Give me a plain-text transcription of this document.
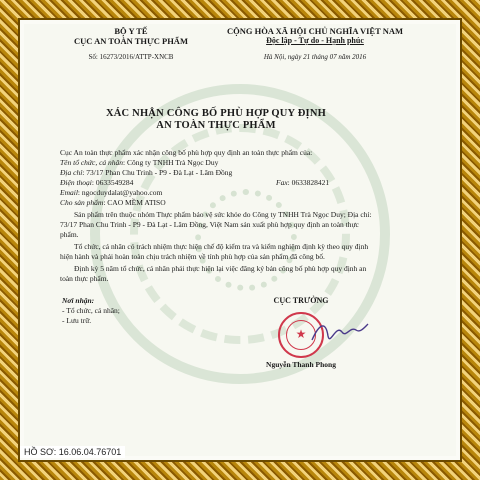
BỘ Y TẾ
CỤC AN TOÀN THỰC PHẨM
Số: 16273/2016/ATTP-XNCB
CỘNG HÒA XÃ HỘI CHỦ NGHĨA VIỆT NAM
Độc lập - Tự do - Hạnh phúc
Hà Nội, ngày 21 tháng 07 năm 2016
XÁC NHẬN CÔNG BỐ PHÙ HỢP QUY ĐỊNH
AN TOÀN THỰC PHẨM
Cục An toàn thực phẩm xác nhận công bố phù hợp quy định an toàn thực phẩm của:
Tên tổ chức, cá nhân: Công ty TNHH Trà Ngọc Duy
Địa chỉ: 73/17 Phan Chu Trinh - P9 - Đà Lạt - Lâm Đồng
Điện thoại: 0633549284	Fax: 0633828421
Email: ngocduydalat@yahoo.com
Cho sản phẩm: CAO MỀM ATISO
Sản phẩm trên thuộc nhóm Thực phẩm bảo vệ sức khỏe do Công ty TNHH Trà Ngọc Duy; Địa chỉ: 73/17 Phan Chu Trinh - P9 - Đà Lạt - Lâm Đồng, Việt Nam sản xuất phù hợp quy định an toàn thực phẩm.
Tổ chức, cá nhân có trách nhiệm thực hiện chế độ kiểm tra và kiểm nghiệm định kỳ theo quy định hiện hành và phải hoàn toàn chịu trách nhiệm về tính phù hợp của sản phẩm đã công bố.
Định kỳ 5 năm tổ chức, cá nhân phải thực hiện lại việc đăng ký bản công bố phù hợp quy định an toàn thực phẩm.
Nơi nhận:
- Tổ chức, cá nhân;
- Lưu trữ.
CỤC TRƯỞNG
★
Nguyễn Thanh Phong
HỒ SƠ: 16.06.04.76701
